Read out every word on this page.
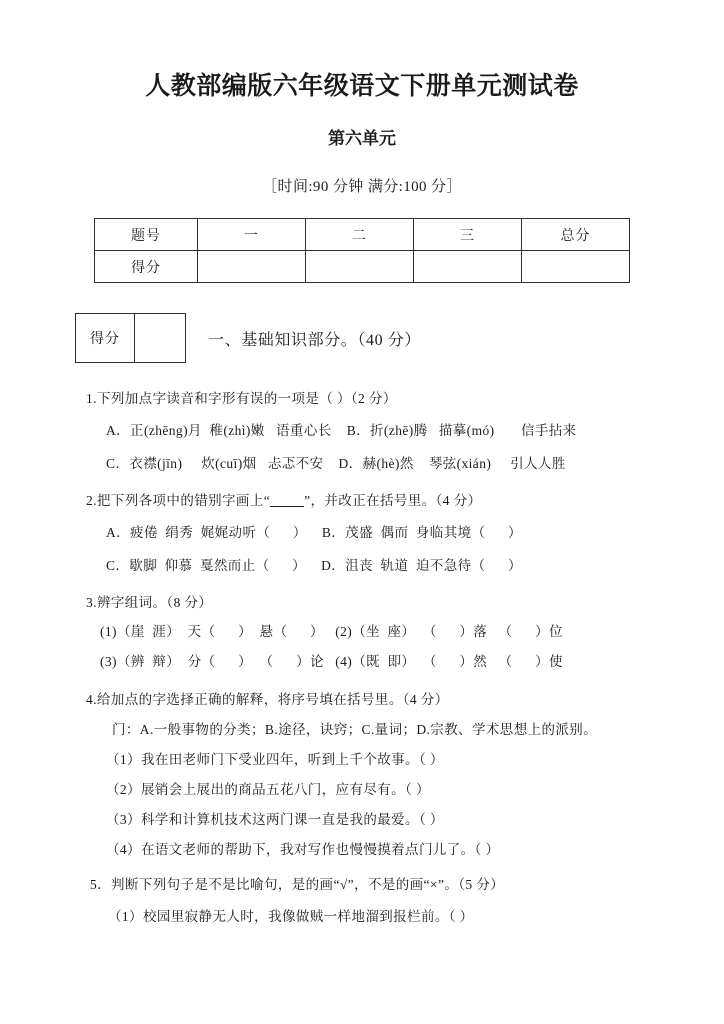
人教部编版六年级语文下册单元测试卷
第六单元

［时间:90 分钟 满分:100 分］

题号	一	二	三	总分
得分				
得分		一、基础知识部分。（40 分）

1.下列加点字读音和字形有误的一项是（ ）（2 分）

A．正(zhēng)月  稚(zhì)嫩   语重心长    B．折(zhē)腾   描摹(mó)       信手拈来

C．衣襟(jīn)     炊(cuī)烟   忐忑不安    D．赫(hè)然    琴弦(xián)     引人人胜

2.把下列各项中的错别字画上“	”，并改正在括号里。（4 分）

A．疲倦  绢秀  娓娓动听（      ）    B．茂盛  偶而  身临其境（      ）

C．歇脚  仰慕  戛然而止（      ）    D．沮丧  轨道  迫不急待（      ）

3.辨字组词。（8 分）

(1)（崖  涯）  天（      ）  悬（      ）   (2)（坐  座）  （      ）落   （      ）位

(3)（辨  辩）  分（      ）  （      ）论   (4)（既  即）  （      ）然   （      ）使

4.给加点的字选择正确的解释，将序号填在括号里。（4 分）

门：A.一般事物的分类；B.途径，诀窍；C.量词；D.宗教、学术思想上的派别。

（1）我在田老师门下受业四年，听到上千个故事。（ ）

（2）展销会上展出的商品五花八门，应有尽有。（ ）

（3）科学和计算机技术这两门课一直是我的最爱。（ ）

（4）在语文老师的帮助下，我对写作也慢慢摸着点门儿了。（ ）

5．判断下列句子是不是比喻句，是的画“√”，不是的画“×”。（5 分）

（1）校园里寂静无人时，我像做贼一样地溜到报栏前。（ ）
